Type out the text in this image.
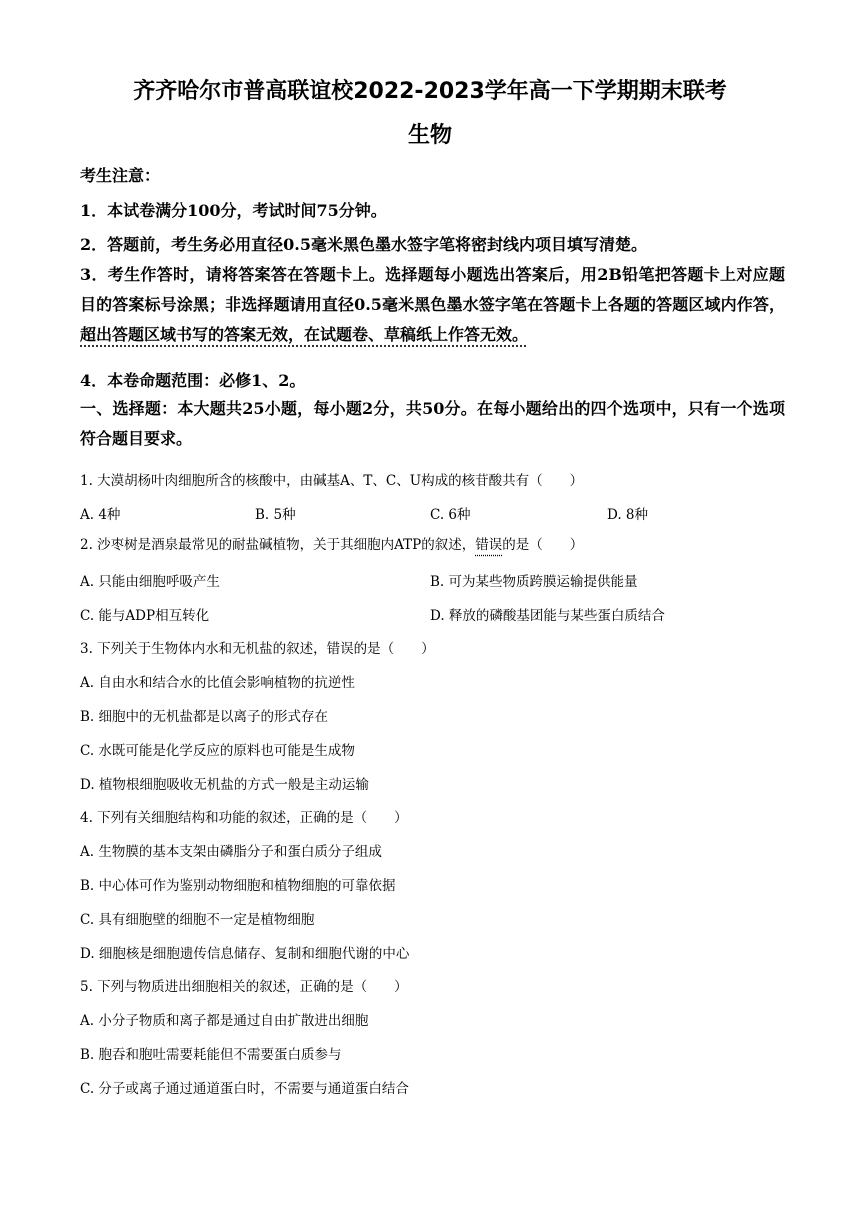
齐齐哈尔市普高联谊校2022-2023学年高一下学期期末联考
生物
考生注意：
1．本试卷满分100分，考试时间75分钟。
2．答题前，考生务必用直径0.5毫米黑色墨水签字笔将密封线内项目填写清楚。
3．考生作答时，请将答案答在答题卡上。选择题每小题选出答案后，用2B铅笔把答题卡上对应题目的答案标号涂黑；非选择题请用直径0.5毫米黑色墨水签字笔在答题卡上各题的答题区域内作答，超出答题区域书写的答案无效，在试题卷、草稿纸上作答无效。
4．本卷命题范围：必修1、2。
一、选择题：本大题共25小题，每小题2分，共50分。在每小题给出的四个选项中，只有一个选项符合题目要求。
1. 大漠胡杨叶肉细胞所含的核酸中，由碱基A、T、C、U构成的核苷酸共有（　　）
A. 4种	B. 5种	C. 6种	D. 8种
2. 沙枣树是酒泉最常见的耐盐碱植物，关于其细胞内ATP的叙述，错误的是（　　）
A. 只能由细胞呼吸产生	B. 可为某些物质跨膜运输提供能量
C. 能与ADP相互转化	D. 释放的磷酸基团能与某些蛋白质结合
3. 下列关于生物体内水和无机盐的叙述，错误的是（　　）
A. 自由水和结合水的比值会影响植物的抗逆性
B. 细胞中的无机盐都是以离子的形式存在
C. 水既可能是化学反应的原料也可能是生成物
D. 植物根细胞吸收无机盐的方式一般是主动运输
4. 下列有关细胞结构和功能的叙述，正确的是（　　）
A. 生物膜的基本支架由磷脂分子和蛋白质分子组成
B. 中心体可作为鉴别动物细胞和植物细胞的可靠依据
C. 具有细胞壁的细胞不一定是植物细胞
D. 细胞核是细胞遗传信息储存、复制和细胞代谢的中心
5. 下列与物质进出细胞相关的叙述，正确的是（　　）
A. 小分子物质和离子都是通过自由扩散进出细胞
B. 胞吞和胞吐需要耗能但不需要蛋白质参与
C. 分子或离子通过通道蛋白时，不需要与通道蛋白结合
